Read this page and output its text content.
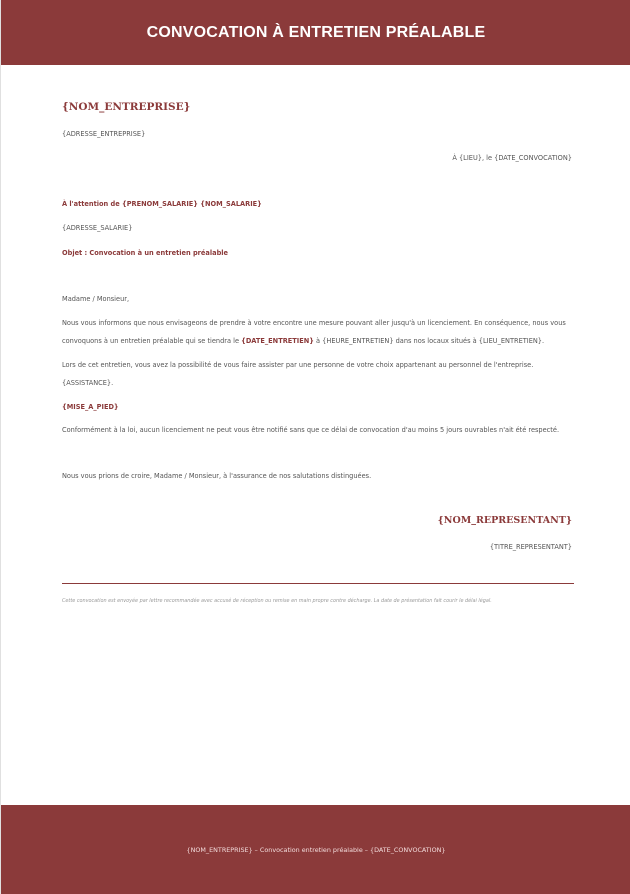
CONVOCATION À ENTRETIEN PRÉALABLE
{NOM_ENTREPRISE}
{ADRESSE_ENTREPRISE}
À {LIEU}, le {DATE_CONVOCATION}
À l'attention de {PRENOM_SALARIE} {NOM_SALARIE}
{ADRESSE_SALARIE}
Objet : Convocation à un entretien préalable
Madame / Monsieur,
Nous vous informons que nous envisageons de prendre à votre encontre une mesure pouvant aller jusqu'à un licenciement. En conséquence, nous vous convoquons à un entretien préalable qui se tiendra le {DATE_ENTRETIEN} à {HEURE_ENTRETIEN} dans nos locaux situés à {LIEU_ENTRETIEN}.
Lors de cet entretien, vous avez la possibilité de vous faire assister par une personne de votre choix appartenant au personnel de l'entreprise. {ASSISTANCE}.
{MISE_A_PIED}
Conformément à la loi, aucun licenciement ne peut vous être notifié sans que ce délai de convocation d'au moins 5 jours ouvrables n'ait été respecté.
Nous vous prions de croire, Madame / Monsieur, à l'assurance de nos salutations distinguées.
{NOM_REPRESENTANT}
{TITRE_REPRESENTANT}
Cette convocation est envoyée par lettre recommandée avec accusé de réception ou remise en main propre contre décharge. La date de présentation fait courir le délai légal.
{NOM_ENTREPRISE} – Convocation entretien préalable – {DATE_CONVOCATION}
